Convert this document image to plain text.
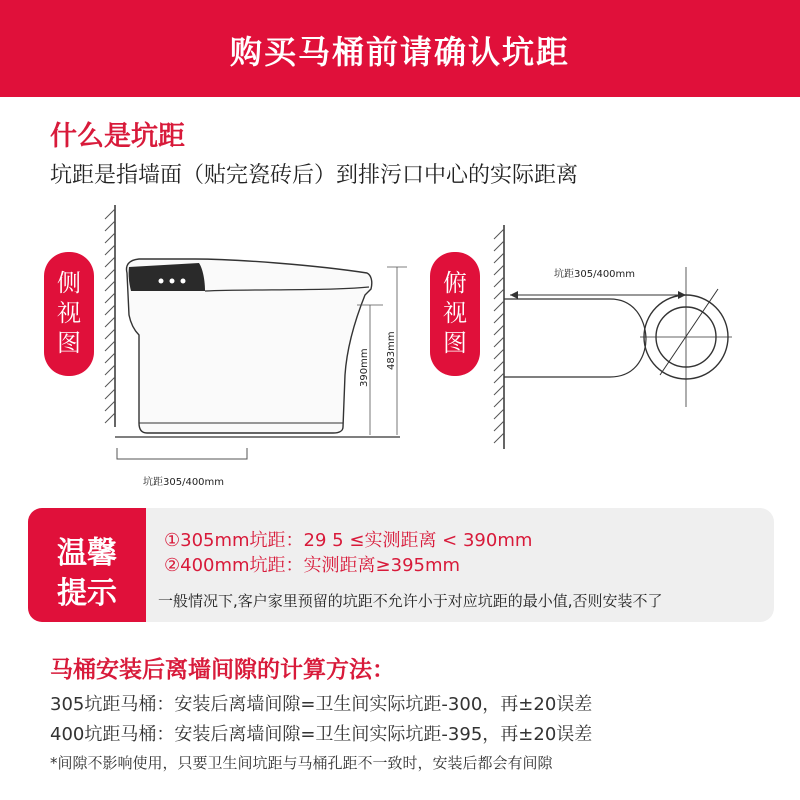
购买马桶前请确认坑距
什么是坑距
坑距是指墙面（贴完瓷砖后）到排污口中心的实际距离
侧
视
图
俯
视
图
390mm 483mm
坑距305/400mm
坑距305/400mm
温馨
提示
①305mm坑距：29 5 ≤实测距离 < 390mm
②400mm坑距：实测距离≥395mm
一般情况下,客户家里预留的坑距不允许小于对应坑距的最小值,否则安装不了
马桶安装后离墙间隙的计算方法：
305坑距马桶：安装后离墙间隙=卫生间实际坑距-300，再±20误差
400坑距马桶：安装后离墙间隙=卫生间实际坑距-395，再±20误差
*间隙不影响使用，只要卫生间坑距与马桶孔距不一致时，安装后都会有间隙
